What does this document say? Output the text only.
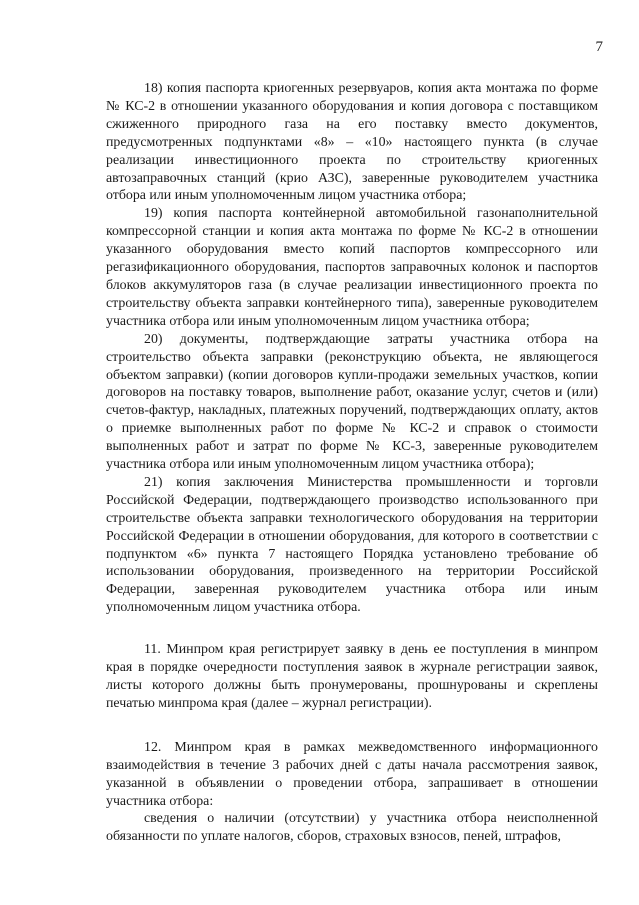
7

18) копия паспорта криогенных резервуаров, копия акта монтажа по форме № КС-2 в отношении указанного оборудования и копия договора с поставщиком сжиженного природного газа на его поставку вместо документов, предусмотренных подпунктами «8» – «10» настоящего пункта (в случае реализации инвестиционного проекта по строительству криогенных автозаправочных станций (крио АЗС), заверенные руководителем участника отбора или иным уполномоченным лицом участника отбора;

19) копия паспорта контейнерной автомобильной газонаполнительной компрессорной станции и копия акта монтажа по форме № КС-2 в отношении указанного оборудования вместо копий паспортов компрессорного или регазификационного оборудования, паспортов заправочных колонок и паспортов блоков аккумуляторов газа (в случае реализации инвестиционного проекта по строительству объекта заправки контейнерного типа), заверенные руководителем участника отбора или иным уполномоченным лицом участника отбора;

20) документы, подтверждающие затраты участника отбора на строительство объекта заправки (реконструкцию объекта, не являющегося объектом заправки) (копии договоров купли-продажи земельных участков, копии договоров на поставку товаров, выполнение работ, оказание услуг, счетов и (или) счетов-фактур, накладных, платежных поручений, подтверждающих оплату, актов о приемке выполненных работ по форме № КС-2 и справок о стоимости выполненных работ и затрат по форме № КС-3, заверенные руководителем участника отбора или иным уполномоченным лицом участника отбора);

21) копия заключения Министерства промышленности и торговли Российской Федерации, подтверждающего производство использованного при строительстве объекта заправки технологического оборудования на территории Российской Федерации в отношении оборудования, для которого в соответствии с подпунктом «6» пункта 7 настоящего Порядка установлено требование об использовании оборудования, произведенного на территории Российской Федерации, заверенная руководителем участника отбора или иным уполномоченным лицом участника отбора.

11. Минпром края регистрирует заявку в день ее поступления в минпром края в порядке очередности поступления заявок в журнале регистрации заявок, листы которого должны быть пронумерованы, прошнурованы и скреплены печатью минпрома края (далее – журнал регистрации).

12. Минпром края в рамках межведомственного информационного взаимодействия в течение 3 рабочих дней с даты начала рассмотрения заявок, указанной в объявлении о проведении отбора, запрашивает в отношении участника отбора:

сведения о наличии (отсутствии) у участника отбора неисполненной обязанности по уплате налогов, сборов, страховых взносов, пеней, штрафов,
